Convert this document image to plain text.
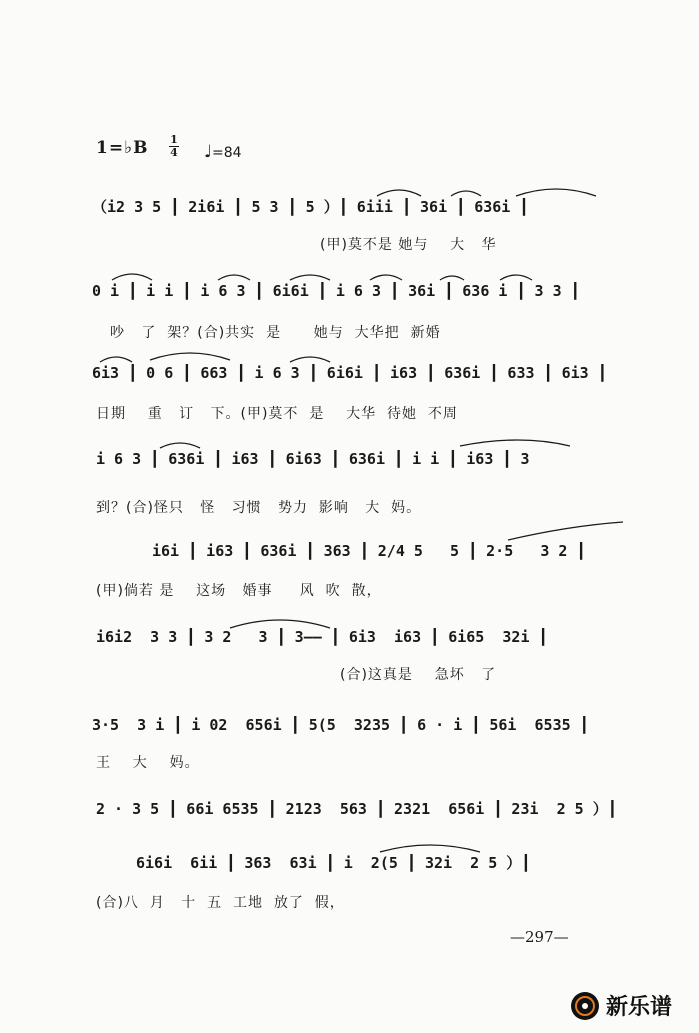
1=♭B 1
4 ♩=84
（i2 3 5 ┃ 2i6i ┃ 5 3 ┃ 5 ）┃ 6iii ┃ 36i ┃ 636i ┃
(甲)莫不是 她与    大   华
0 i ┃ i i ┃ i 6 3 ┃ 6i6i ┃ i 6 3 ┃ 36i ┃ 636 i ┃ 3 3 ┃
吵   了  架？(合)共实  是      她与  大华把  新婚
6i3 ┃ 0 6 ┃ 663 ┃ i 6 3 ┃ 6i6i ┃ i63 ┃ 636i ┃ 633 ┃ 6i3 ┃
日期    重   订   下。(甲)莫不  是    大华  待她  不周
i 6 3 ┃ 636i ┃ i63 ┃ 6i63 ┃ 636i ┃ i i ┃ i63 ┃ 3
到？(合)怪只   怪   习惯   势力  影响   大  妈。
i6i ┃ i63 ┃ 636i ┃ 363 ┃ 2/4 5   5 ┃ 2·5   3 2 ┃
(甲)倘若 是    这场   婚事     风  吹  散，
i6i2  3 3 ┃ 3 2   3 ┃ 3—— ┃ 6i3  i63 ┃ 6i65  32i ┃
(合)这真是    急坏   了
3·5  3 i ┃ i 02  656i ┃ 5(5  3235 ┃ 6 · i ┃ 56i  6535 ┃
王    大    妈。
2 · 3 5 ┃ 66i 6535 ┃ 2123  563 ┃ 2321  656i ┃ 23i  2 5 ）┃
6i6i  6ii ┃ 363  63i ┃ i  2(5 ┃ 32i  2 5 ）┃
(合)八  月   十  五  工地  放了  假，
—297—
新乐谱
